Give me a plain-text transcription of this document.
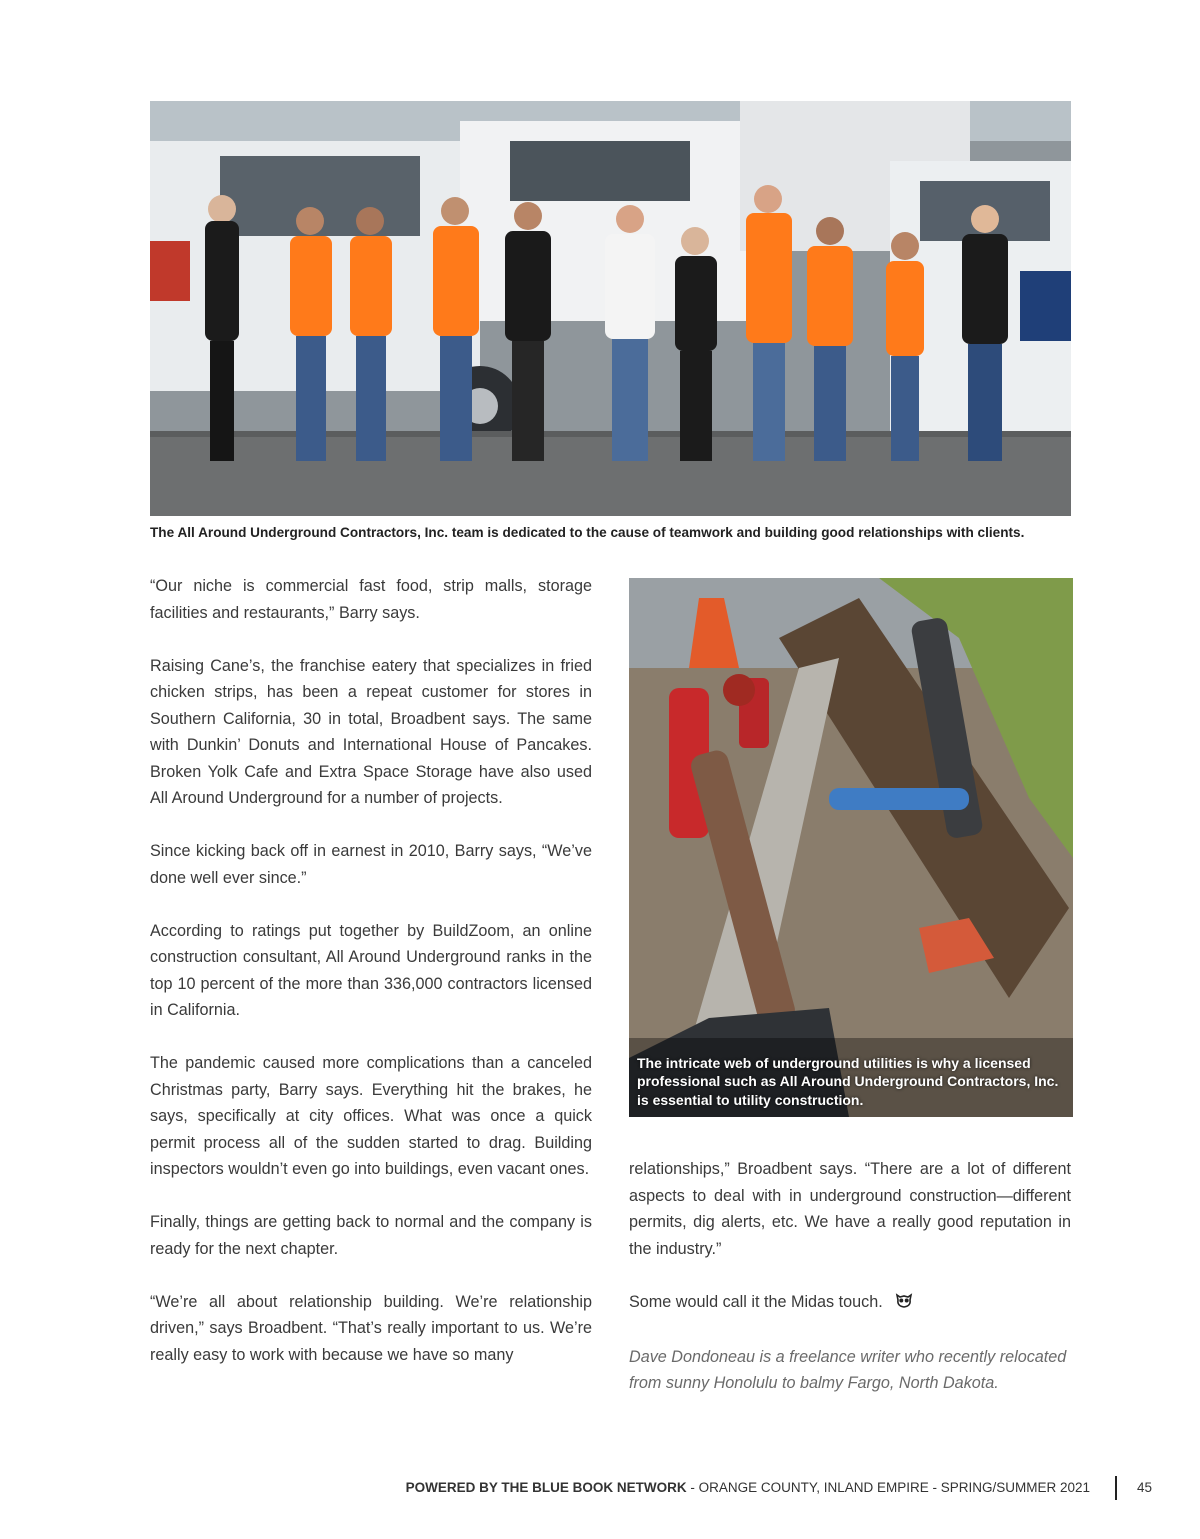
The All Around Underground Contractors, Inc. team is dedicated to the cause of teamwork and building good relationships with clients.
The intricate web of underground utilities is why a licensed professional such as All Around Underground Contractors, Inc. is essential to utility construction.

“Our niche is commercial fast food, strip malls, storage facilities and restaurants,” Barry says.

Raising Cane’s, the franchise eatery that specializes in fried chicken strips, has been a repeat customer for stores in Southern California, 30 in total, Broadbent says. The same with Dunkin’ Donuts and International House of Pancakes. Broken Yolk Cafe and Extra Space Storage have also used All Around Underground for a number of projects.

Since kicking back off in earnest in 2010, Barry says, “We’ve done well ever since.”

According to ratings put together by BuildZoom, an online construction consultant, All Around Underground ranks in the top 10 percent of the more than 336,000 contractors licensed in California.

The pandemic caused more complications than a canceled Christmas party, Barry says. Everything hit the brakes, he says, specifically at city offices. What was once a quick permit process all of the sudden started to drag. Building inspectors wouldn’t even go into buildings, even vacant ones.

Finally, things are getting back to normal and the company is ready for the next chapter.

“We’re all about relationship building. We’re relationship driven,” says Broadbent. “That’s really important to us. We’re really easy to work with because we have so many

relationships,” Broadbent says. “There are a lot of different aspects to deal with in underground construction—different permits, dig alerts, etc. We have a really good reputation in the industry.”

Some would call it the Midas touch.

Dave Dondoneau is a freelance writer who recently relocated from sunny Honolulu to balmy Fargo, North Dakota.

POWERED BY THE BLUE BOOK NETWORK - ORANGE COUNTY, INLAND EMPIRE - SPRING/SUMMER 2021	45
